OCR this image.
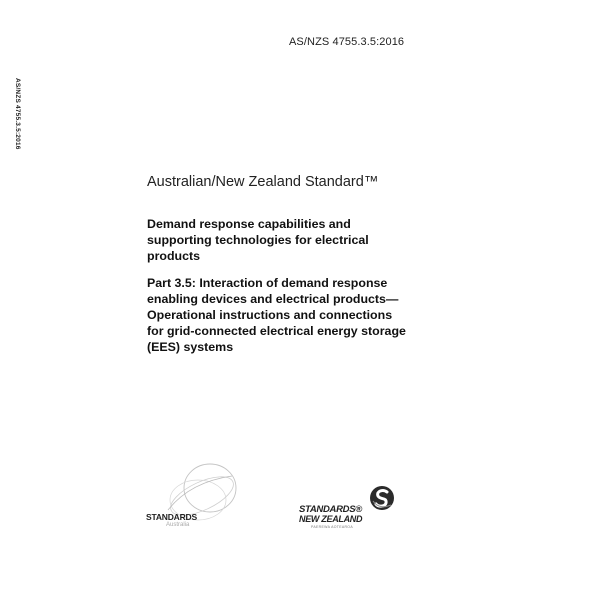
AS/NZS 4755.3.5:2016
AS/NZS 4755.3.5:2016
Australian/New Zealand Standard™

Demand response capabilities and supporting technologies for electrical products

Part 3.5: Interaction of demand response enabling devices and electrical products—Operational instructions and connections for grid-connected electrical energy storage (EES) systems

STANDARDS
Australia
STANDARDS®
NEW ZEALAND
PAEREWA AOTEAROA
